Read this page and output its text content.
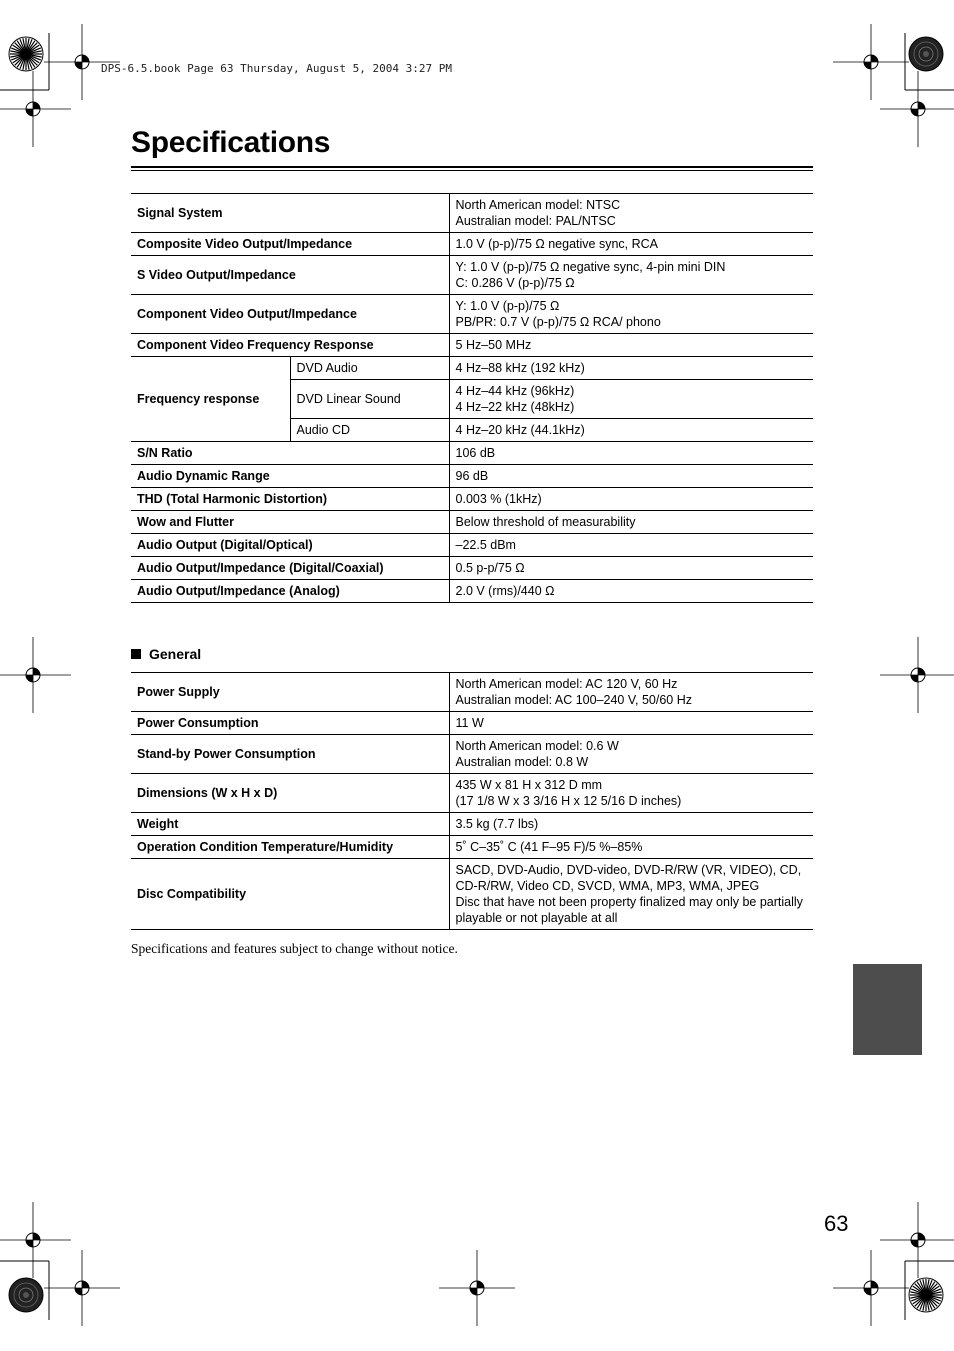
DPS-6.5.book Page 63 Thursday, August 5, 2004 3:27 PM
Specifications
Signal System		North American model: NTSC
Australian model: PAL/NTSC

Composite Video Output/Impedance		1.0 V (p-p)/75 Ω negative sync, RCA

S Video Output/Impedance		Y: 1.0 V (p-p)/75 Ω negative sync, 4-pin mini DIN
C: 0.286 V (p-p)/75 Ω

Component Video Output/Impedance		Y: 1.0 V (p-p)/75 Ω
PB/PR: 0.7 V (p-p)/75 Ω RCA/ phono

Component Video Frequency Response		5 Hz–50 MHz

Frequency response	DVD Audio	4 Hz–88 kHz (192 kHz)

	DVD Linear Sound	4 Hz–44 kHz (96kHz)
4 Hz–22 kHz (48kHz)

	Audio CD	4 Hz–20 kHz (44.1kHz)

S/N Ratio		106 dB

Audio Dynamic Range		96 dB

THD (Total Harmonic Distortion)		0.003 % (1kHz)

Wow and Flutter		Below threshold of measurability

Audio Output (Digital/Optical)		–22.5 dBm

Audio Output/Impedance (Digital/Coaxial)		0.5 p-p/75 Ω

Audio Output/Impedance (Analog)		2.0 V (rms)/440 Ω
General
Power Supply	North American model: AC 120 V, 60 Hz
Australian model: AC 100–240 V, 50/60 Hz

Power Consumption	11 W

Stand-by Power Consumption	North American model: 0.6 W
Australian model: 0.8 W

Dimensions (W x H x D)	435 W x 81 H x 312 D mm
(17 1/8 W x 3 3/16 H x 12 5/16 D inches)

Weight	3.5 kg (7.7 lbs)

Operation Condition Temperature/Humidity	5˚ C–35˚ C (41 F–95 F)/5 %–85%

Disc Compatibility	SACD, DVD-Audio, DVD-video, DVD-R/RW (VR, VIDEO), CD,
CD-R/RW, Video CD, SVCD, WMA, MP3, WMA, JPEG
Disc that have not been property finalized may only be partially
playable or not playable at all
Specifications and features subject to change without notice.
63
